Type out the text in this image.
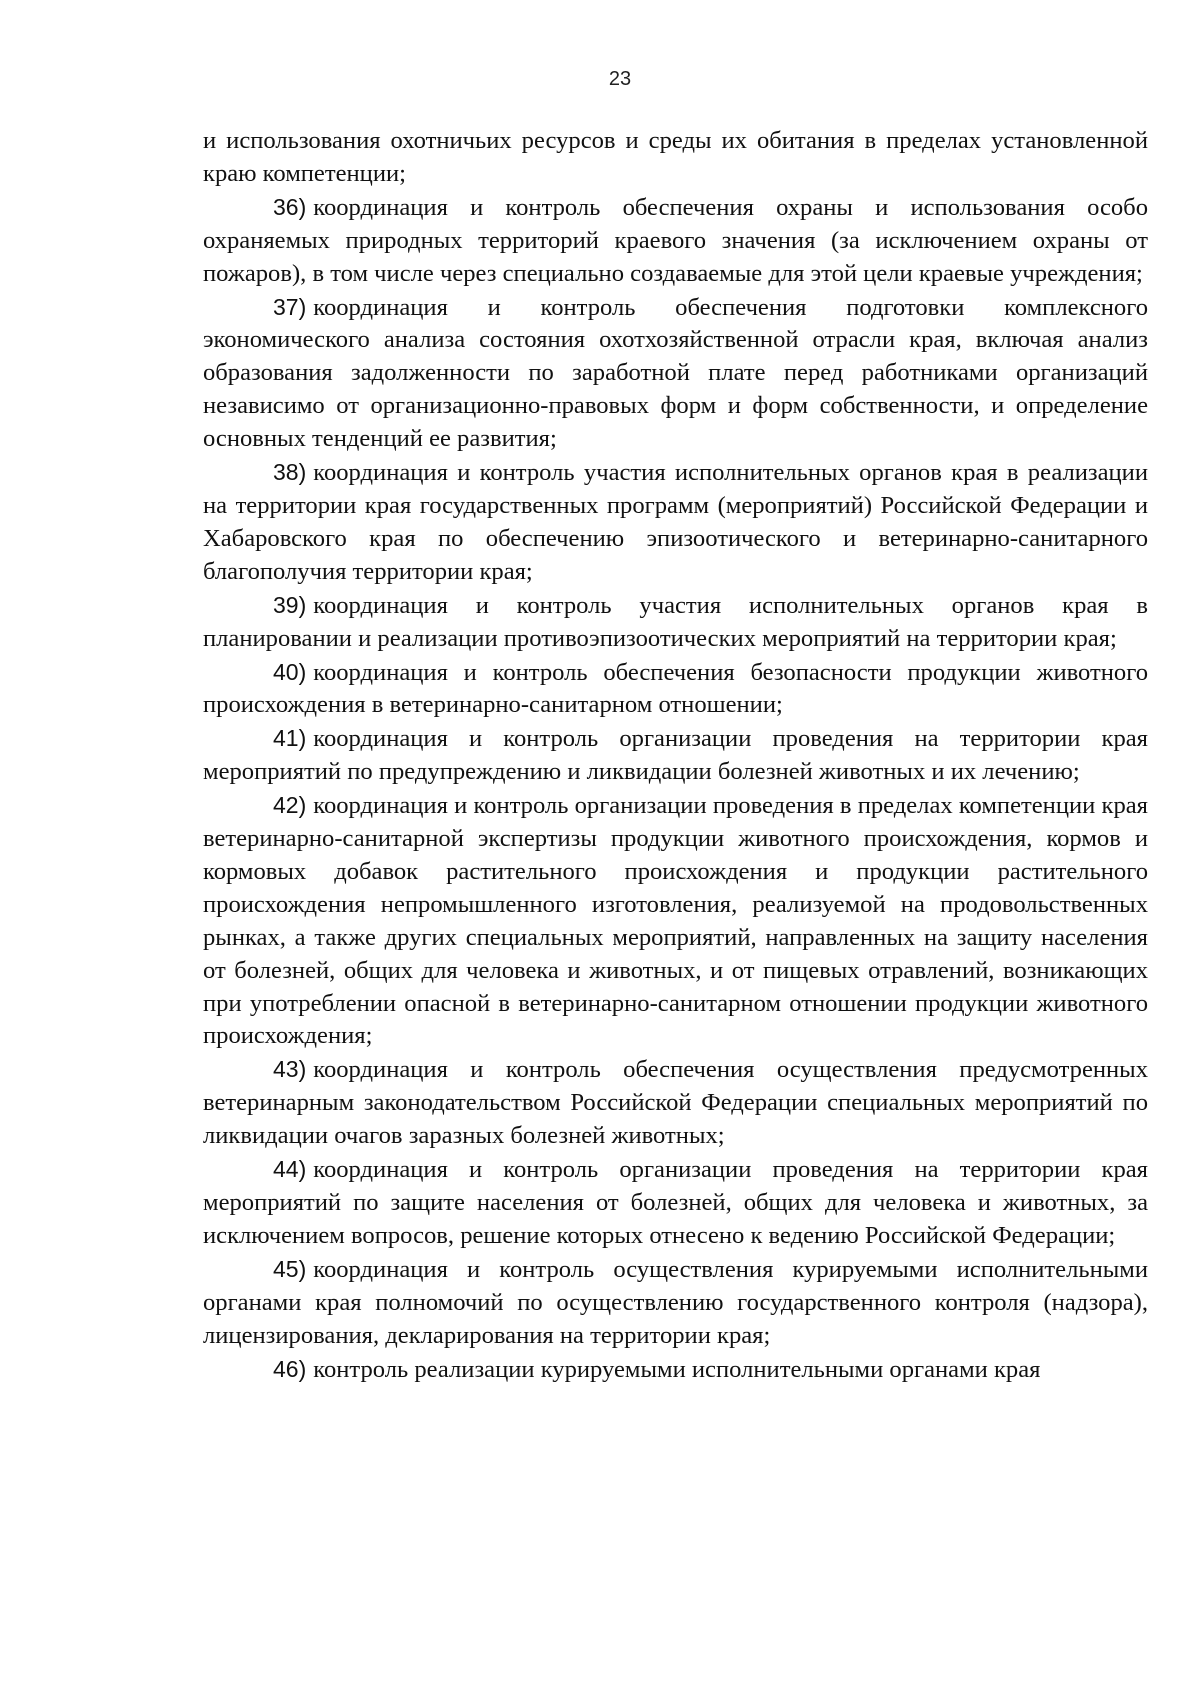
23

и использования охотничьих ресурсов и среды их обитания в пределах установленной краю компетенции;

36) координация и контроль обеспечения охраны и использования особо охраняемых природных территорий краевого значения (за исключением охраны от пожаров), в том числе через специально создаваемые для этой цели краевые учреждения;

37) координация и контроль обеспечения подготовки комплексного экономического анализа состояния охотхозяйственной отрасли края, включая анализ образования задолженности по заработной плате перед работниками организаций независимо от организационно-правовых форм и форм собственности, и определение основных тенденций ее развития;

38) координация и контроль участия исполнительных органов края в реализации на территории края государственных программ (мероприятий) Российской Федерации и Хабаровского края по обеспечению эпизоотического и ветеринарно-санитарного благополучия территории края;

39) координация и контроль участия исполнительных органов края в планировании и реализации противоэпизоотических мероприятий на территории края;

40) координация и контроль обеспечения безопасности продукции животного происхождения в ветеринарно-санитарном отношении;

41) координация и контроль организации проведения на территории края мероприятий по предупреждению и ликвидации болезней животных и их лечению;

42) координация и контроль организации проведения в пределах компетенции края ветеринарно-санитарной экспертизы продукции животного происхождения, кормов и кормовых добавок растительного происхождения и продукции растительного происхождения непромышленного изготовления, реализуемой на продовольственных рынках, а также других специальных мероприятий, направленных на защиту населения от болезней, общих для человека и животных, и от пищевых отравлений, возникающих при употреблении опасной в ветеринарно-санитарном отношении продукции животного происхождения;

43) координация и контроль обеспечения осуществления предусмотренных ветеринарным законодательством Российской Федерации специальных мероприятий по ликвидации очагов заразных болезней животных;

44) координация и контроль организации проведения на территории края мероприятий по защите населения от болезней, общих для человека и животных, за исключением вопросов, решение которых отнесено к ведению Российской Федерации;

45) координация и контроль осуществления курируемыми исполнительными органами края полномочий по осуществлению государственного контроля (надзора), лицензирования, декларирования на территории края;

46) контроль реализации курируемыми исполнительными органами края
